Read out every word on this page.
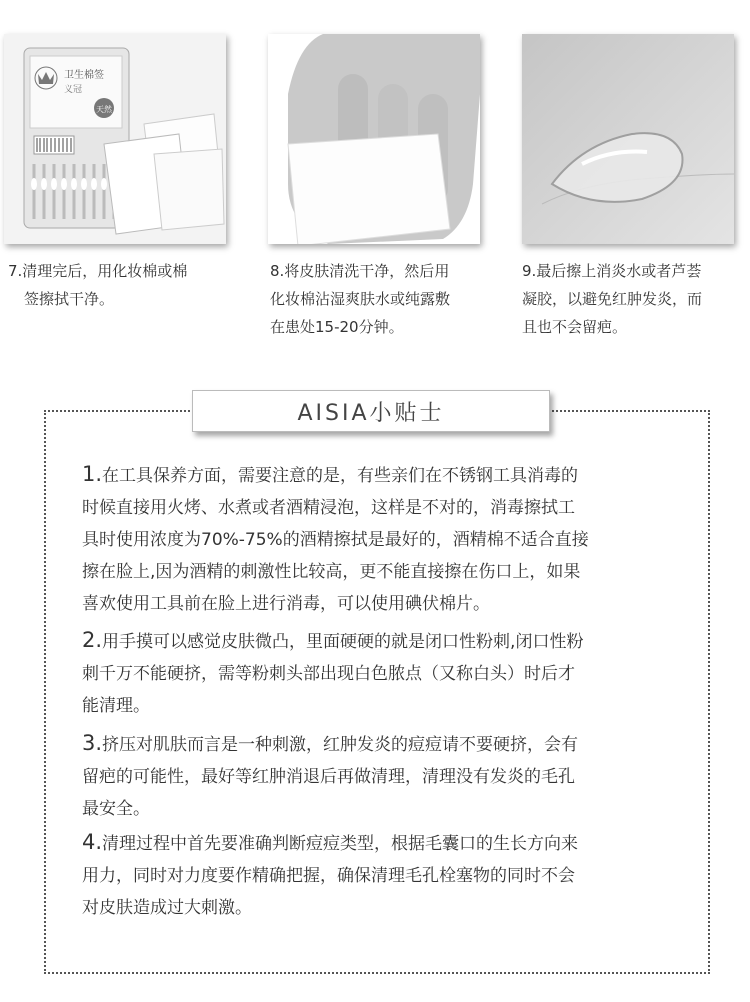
卫生棉签
义冠
天然
7.清理完后，用化妆棉或棉
签擦拭干净。
8.将皮肤清洗干净，然后用
化妆棉沾湿爽肤水或纯露敷
在患处15-20分钟。
9.最后擦上消炎水或者芦荟
凝胶，以避免红肿发炎，而
且也不会留疤。
AISIA小贴士
1.在工具保养方面，需要注意的是，有些亲们在不锈钢工具消毒的
时候直接用火烤、水煮或者酒精浸泡，这样是不对的，消毒擦拭工
具时使用浓度为70%-75%的酒精擦拭是最好的，酒精棉不适合直接
擦在脸上,因为酒精的刺激性比较高，更不能直接擦在伤口上，如果
喜欢使用工具前在脸上进行消毒，可以使用碘伏棉片。
2.用手摸可以感觉皮肤微凸，里面硬硬的就是闭口性粉刺,闭口性粉
刺千万不能硬挤，需等粉刺头部出现白色脓点（又称白头）时后才
能清理。
3.挤压对肌肤而言是一种刺激，红肿发炎的痘痘请不要硬挤，会有
留疤的可能性，最好等红肿消退后再做清理，清理没有发炎的毛孔
最安全。
4.清理过程中首先要准确判断痘痘类型，根据毛囊口的生长方向来
用力，同时对力度要作精确把握，确保清理毛孔栓塞物的同时不会
对皮肤造成过大刺激。
